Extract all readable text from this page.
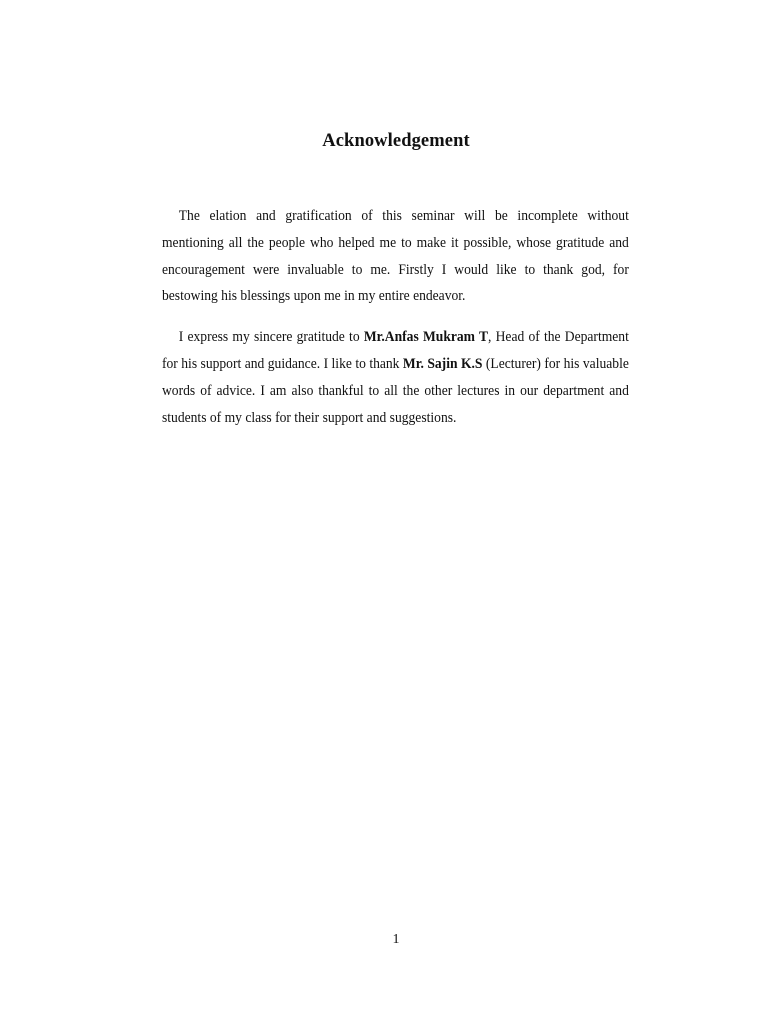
Acknowledgement

The elation and gratification of this seminar will be incomplete without mentioning all the people who helped me to make it possible, whose gratitude and encouragement were invaluable to me. Firstly I would like to thank god, for bestowing his blessings upon me in my entire endeavor.

I express my sincere gratitude to Mr.Anfas Mukram T, Head of the Department for his support and guidance. I like to thank Mr. Sajin K.S (Lecturer) for his valuable words of advice. I am also thankful to all the other lectures in our department and students of my class for their support and suggestions.

1
